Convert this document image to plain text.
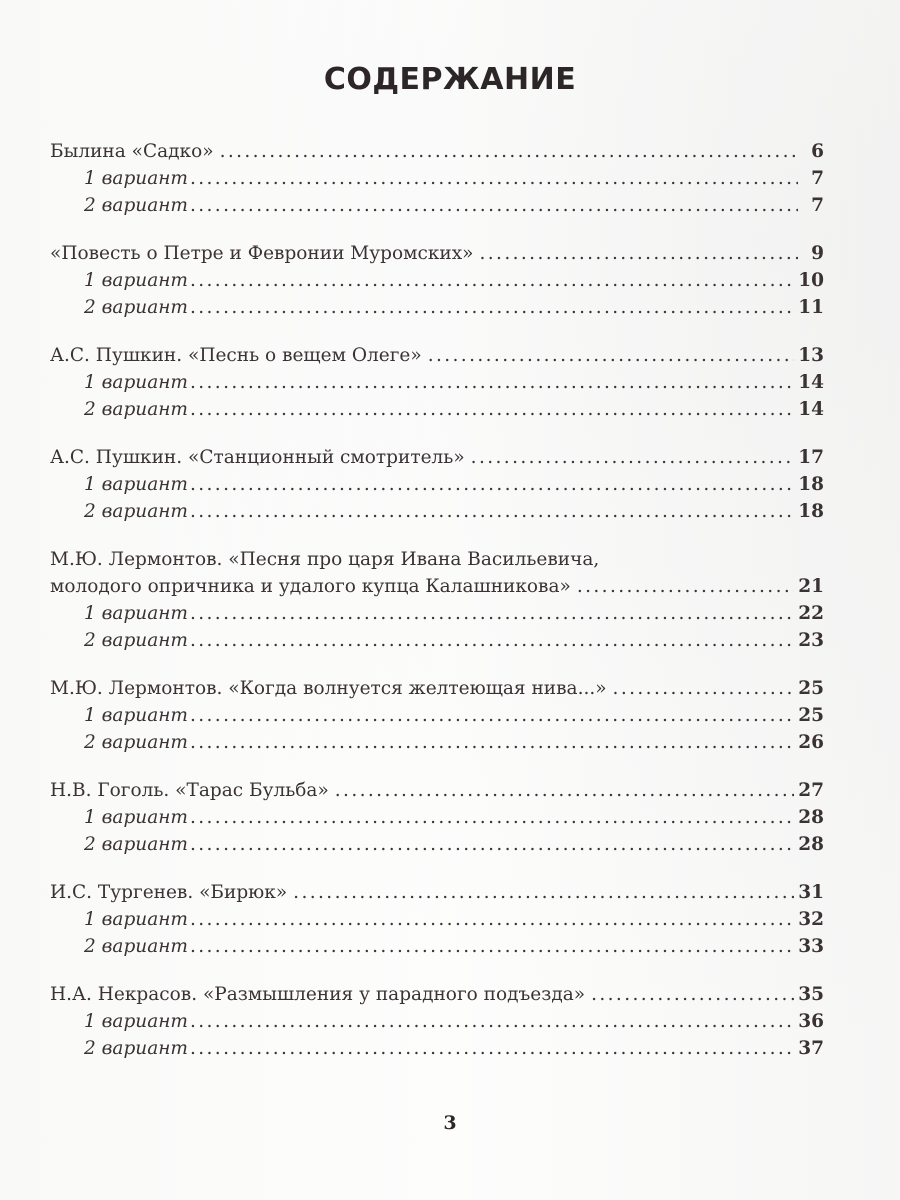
СОДЕРЖАНИЕ
Былина «Садко» .....	6
1 вариант .....	7
2 вариант .....	7
«Повесть о Петре и Февронии Муромских» .....	9
1 вариант .....	10
2 вариант .....	11
А.С. Пушкин. «Песнь о вещем Олеге» .....	13
1 вариант .....	14
2 вариант .....	14
А.С. Пушкин. «Станционный смотритель» .....	17
1 вариант .....	18
2 вариант .....	18
М.Ю. Лермонтов. «Песня про царя Ивана Васильевича,
молодого опричника и удалого купца Калашникова» .....	21
1 вариант .....	22
2 вариант .....	23
М.Ю. Лермонтов. «Когда волнуется желтеющая нива...» .....	25
1 вариант .....	25
2 вариант .....	26
Н.В. Гоголь. «Тарас Бульба» .....	27
1 вариант .....	28
2 вариант .....	28
И.С. Тургенев. «Бирюк» .....	31
1 вариант .....	32
2 вариант .....	33
Н.А. Некрасов. «Размышления у парадного подъезда» .....	35
1 вариант .....	36
2 вариант .....	37
3
